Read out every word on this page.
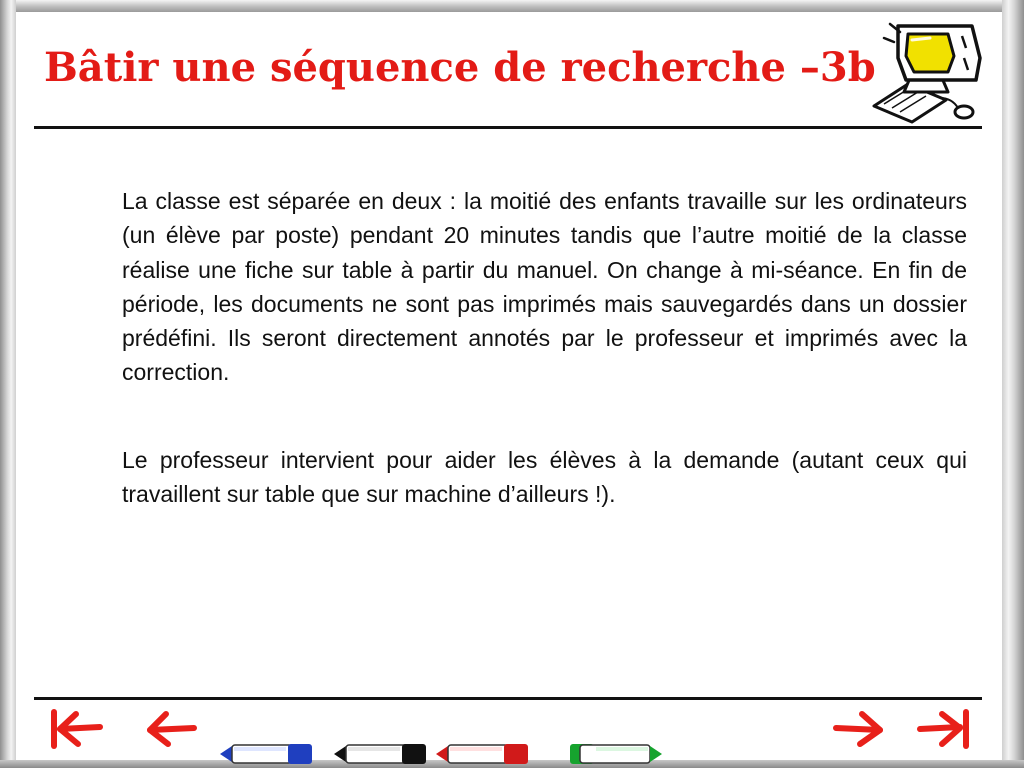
Bâtir une séquence de recherche –3b

La classe est séparée en deux : la moitié des enfants travaille sur les ordinateurs (un élève par poste) pendant 20 minutes tandis que l’autre moitié de la classe réalise une fiche sur table à partir du manuel. On change à mi-séance. En fin de période, les documents ne sont pas imprimés mais sauvegardés dans un dossier prédéfini. Ils seront directement annotés par le professeur et imprimés avec la correction.

Le professeur intervient pour aider les élèves à la demande (autant ceux qui travaillent sur table que sur machine d’ailleurs !).
